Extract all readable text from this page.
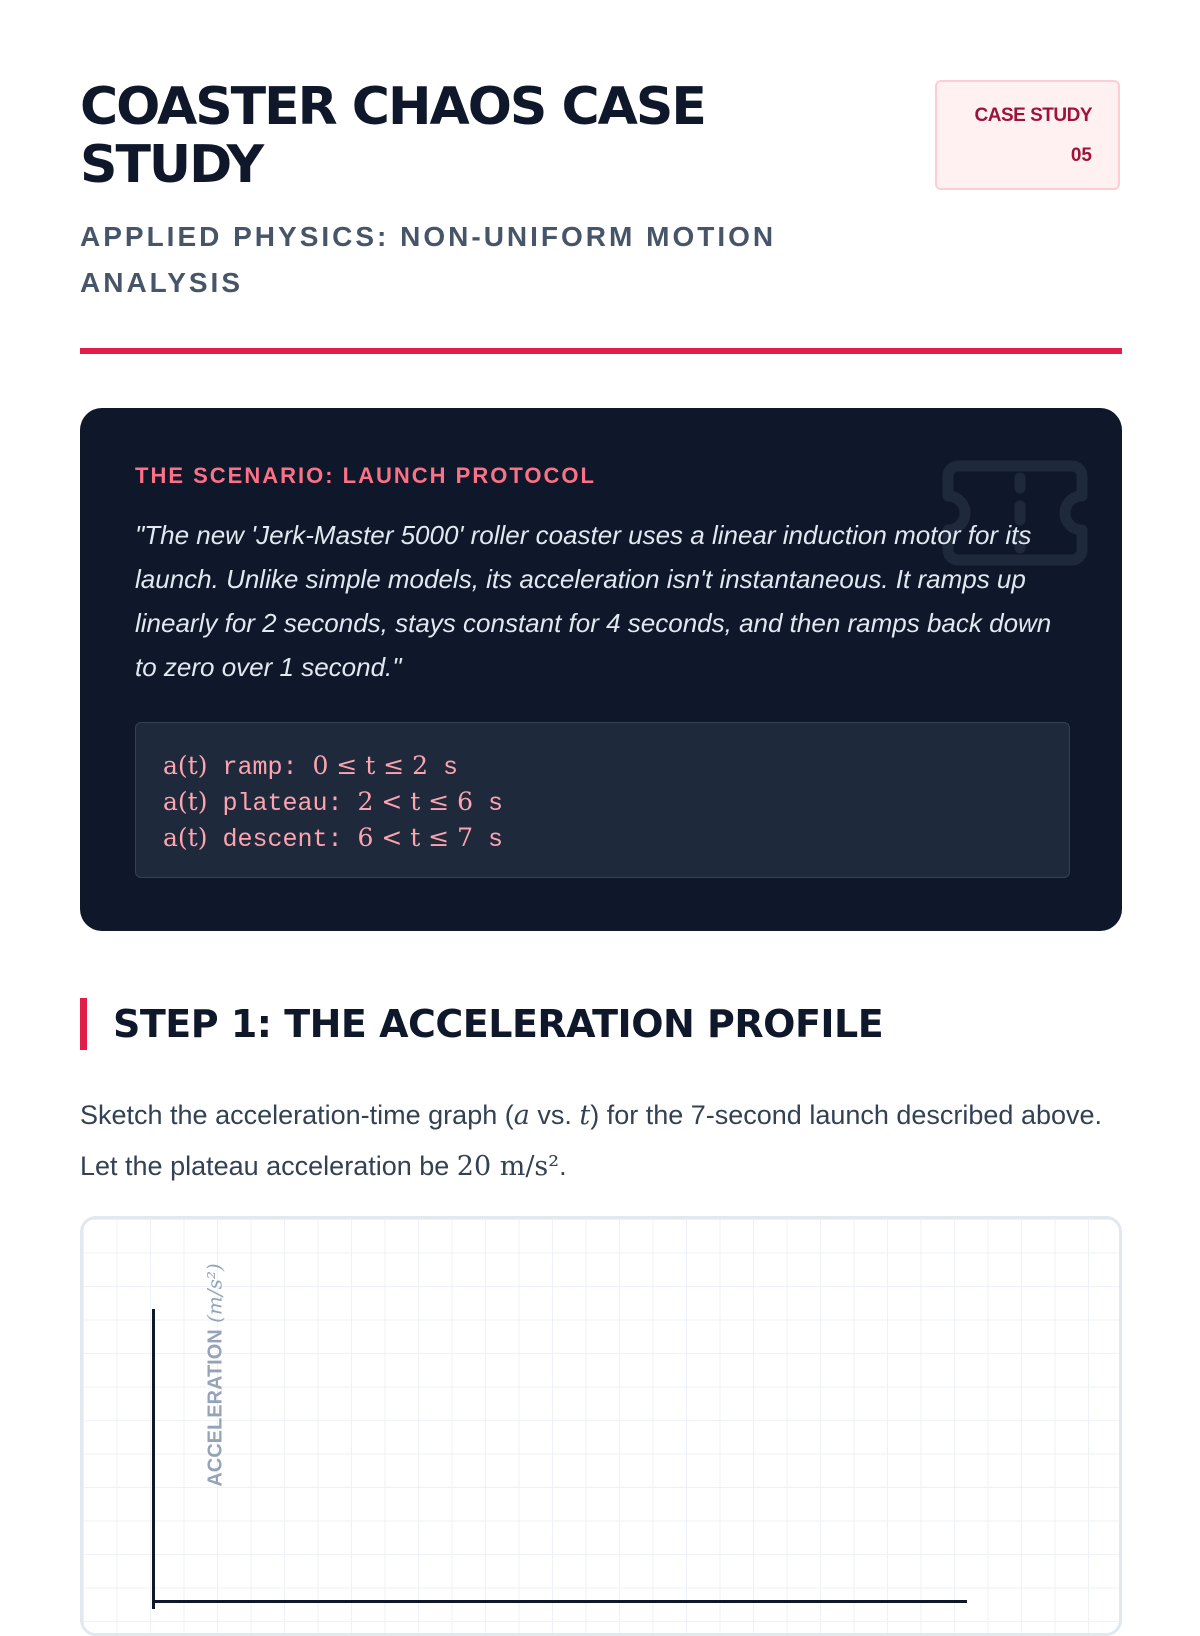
COASTER CHAOS CASE STUDY
APPLIED PHYSICS: NON-UNIFORM MOTION ANALYSIS
CASE STUDY
05
THE SCENARIO: LAUNCH PROTOCOL
"The new 'Jerk-Master 5000' roller coaster uses a linear induction motor for its launch. Unlike simple models, its acceleration isn't instantaneous. It ramps up linearly for 2 seconds, stays constant for 4 seconds, and then ramps back down to zero over 1 second."
a(t) ramp: 0 ≤ t ≤ 2 s
a(t) plateau: 2 < t ≤ 6 s
a(t) descent: 6 < t ≤ 7 s
STEP 1: THE ACCELERATION PROFILE

Sketch the acceleration-time graph (a vs. t) for the 7-second launch described above. Let the plateau acceleration be 20 m/s².

ACCELERATION (m/s²)
